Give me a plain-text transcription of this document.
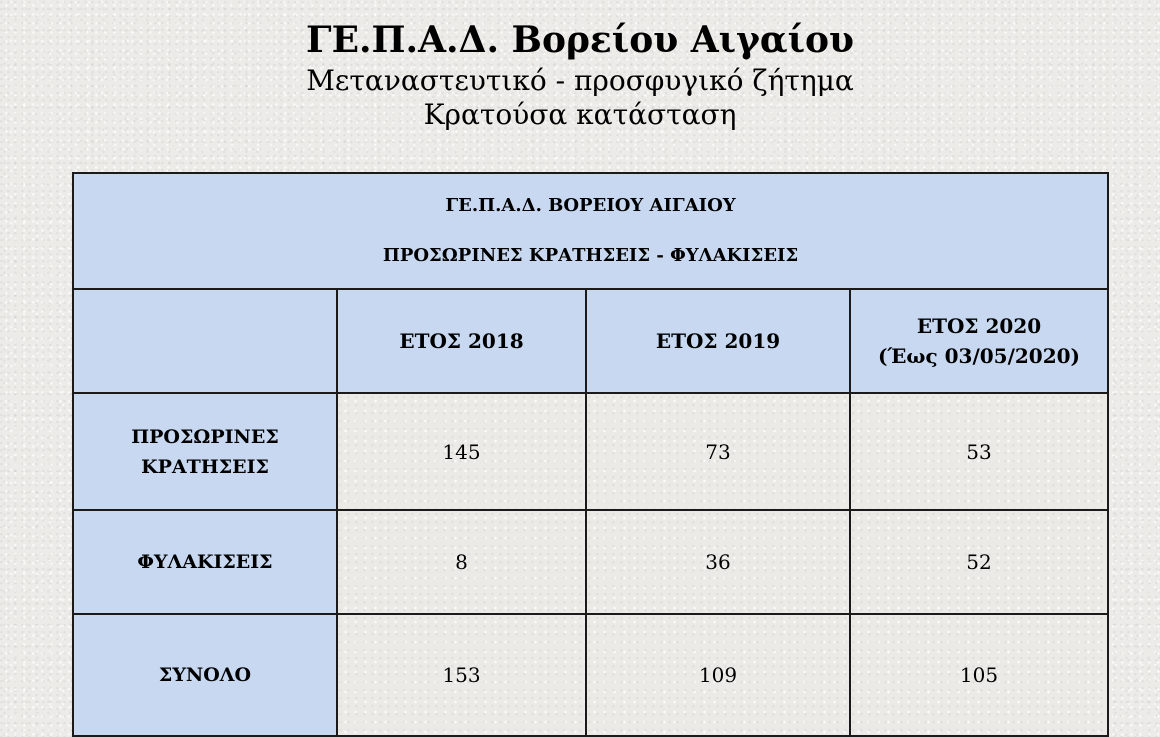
ΓΕ.Π.Α.Δ. Βορείου Αιγαίου

Μεταναστευτικό - προσφυγικό ζήτημα

Κρατούσα κατάσταση

ΓΕ.Π.Α.Δ. ΒΟΡΕΙΟΥ ΑΙΓΑΙΟΥ
ΠΡΟΣΩΡΙΝΕΣ ΚΡΑΤΗΣΕΙΣ - ΦΥΛΑΚΙΣΕΙΣ			

	ΕΤΟΣ 2018	ΕΤΟΣ 2019	ΕΤΟΣ 2020
(Έως 03/05/2020)

ΠΡΟΣΩΡΙΝΕΣ
ΚΡΑΤΗΣΕΙΣ	145	73	53

ΦΥΛΑΚΙΣΕΙΣ	8	36	52

ΣΥΝΟΛΟ	153	109	105
